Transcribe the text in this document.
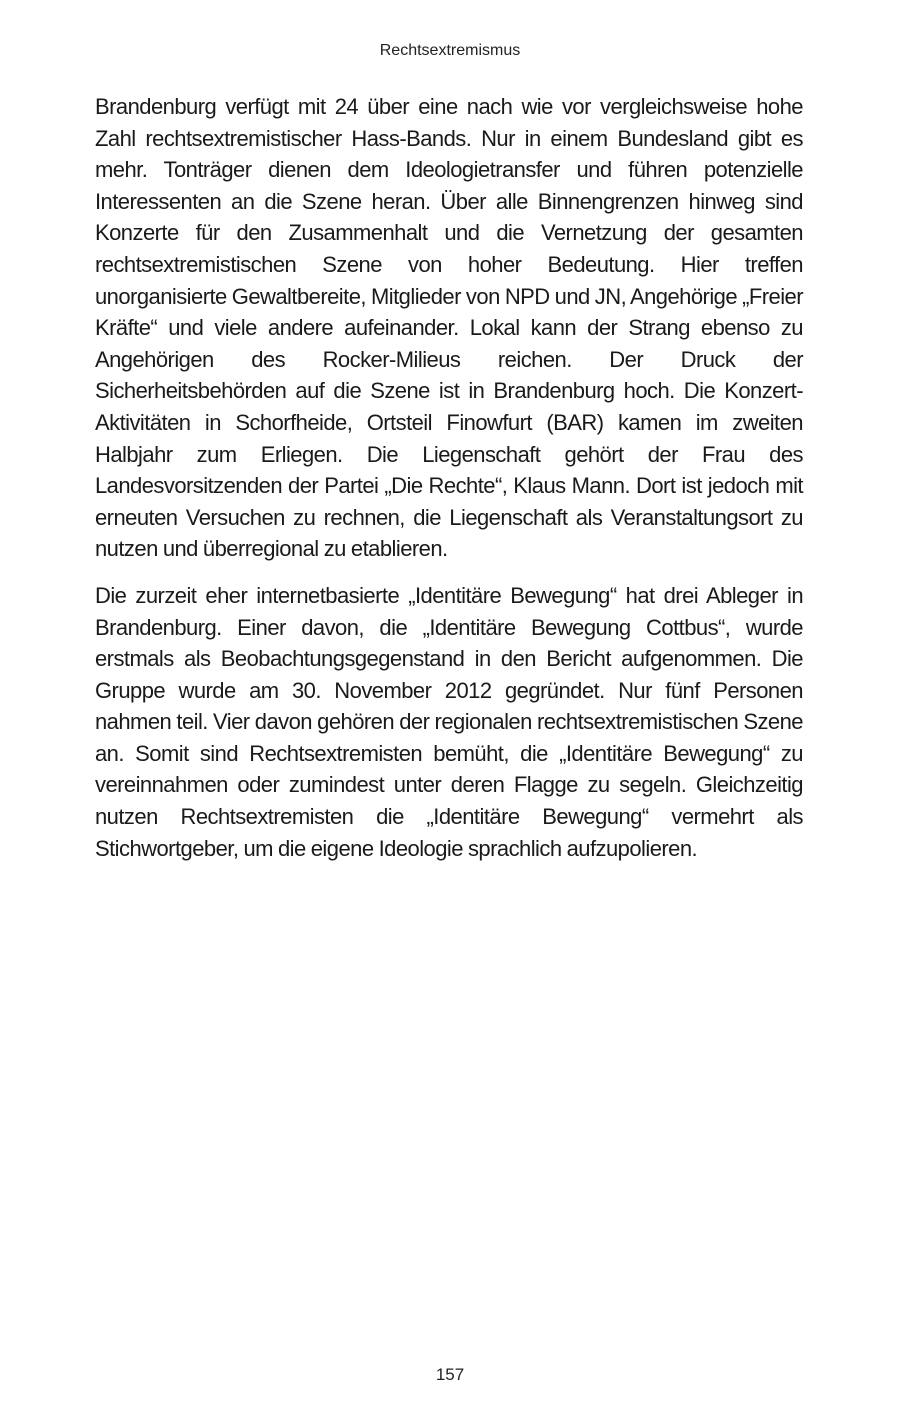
Rechtsextremismus

Brandenburg verfügt mit 24 über eine nach wie vor vergleichsweise hohe Zahl rechtsextremistischer Hass-Bands. Nur in einem Bundesland gibt es mehr. Tonträger dienen dem Ideologietransfer und führen potenzielle Interessenten an die Szene heran. Über alle Binnengrenzen hinweg sind Konzerte für den Zusammenhalt und die Vernetzung der gesamten rechtsextremistischen Szene von hoher Bedeutung. Hier treffen unorganisierte Gewaltbereite, Mitglieder von NPD und JN, Angehörige „Freier Kräfte“ und viele andere aufeinander. Lokal kann der Strang ebenso zu Angehörigen des Rocker-Milieus reichen. Der Druck der Sicherheitsbehörden auf die Szene ist in Brandenburg hoch. Die Konzert-Aktivitäten in Schorfheide, Ortsteil Finowfurt (BAR) kamen im zweiten Halbjahr zum Erliegen. Die Liegenschaft gehört der Frau des Landesvorsitzenden der Partei „Die Rechte“, Klaus Mann. Dort ist jedoch mit erneuten Versuchen zu rechnen, die Liegenschaft als Veranstaltungsort zu nutzen und überregional zu etablieren.

Die zurzeit eher internetbasierte „Identitäre Bewegung“ hat drei Ableger in Brandenburg. Einer davon, die „Identitäre Bewegung Cottbus“, wurde erstmals als Beobachtungsgegenstand in den Bericht aufgenommen. Die Gruppe wurde am 30. November 2012 gegründet. Nur fünf Personen nahmen teil. Vier davon gehören der regionalen rechtsextremistischen Szene an. Somit sind Rechtsextremisten bemüht, die „Identitäre Bewegung“ zu vereinnahmen oder zumindest unter deren Flagge zu segeln. Gleichzeitig nutzen Rechtsextremisten die „Identitäre Bewegung“ vermehrt als Stichwortgeber, um die eigene Ideologie sprachlich aufzupolieren.

157
